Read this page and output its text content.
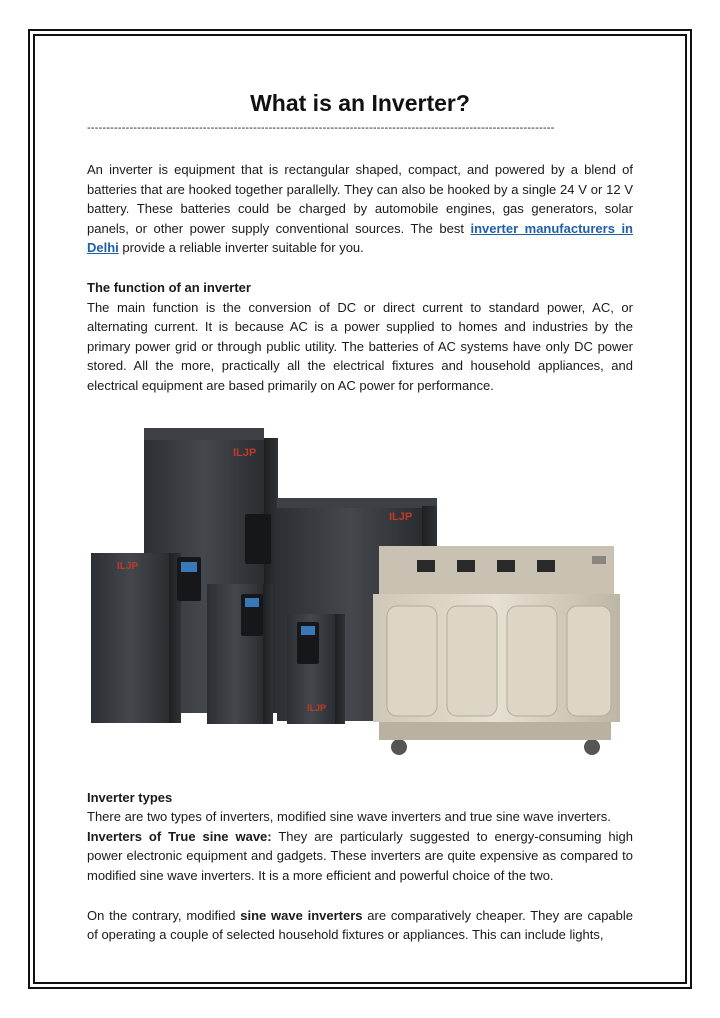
What is an Inverter?
-------------------------------------------------------------------------------------------------------------------------

An inverter is equipment that is rectangular shaped, compact, and powered by a blend of batteries that are hooked together parallelly. They can also be hooked by a single 24 V or 12 V battery. These batteries could be charged by automobile engines, gas generators, solar panels, or other power supply conventional sources. The best inverter manufacturers in Delhi provide a reliable inverter suitable for you.

The function of an inverter

The main function is the conversion of DC or direct current to standard power, AC, or alternating current. It is because AC is a power supplied to homes and industries by the primary power grid or through public utility. The batteries of AC systems have only DC power stored. All the more, practically all the electrical fixtures and household appliances, and electrical equipment are based primarily on AC power for performance.

ILJP
ILJP
ILJP
ILJP

Inverter types

There are two types of inverters, modified sine wave inverters and true sine wave inverters.

Inverters of True sine wave: They are particularly suggested to energy-consuming high power electronic equipment and gadgets. These inverters are quite expensive as compared to modified sine wave inverters. It is a more efficient and powerful choice of the two.

On the contrary, modified sine wave inverters are comparatively cheaper. They are capable of operating a couple of selected household fixtures or appliances. This can include lights,
